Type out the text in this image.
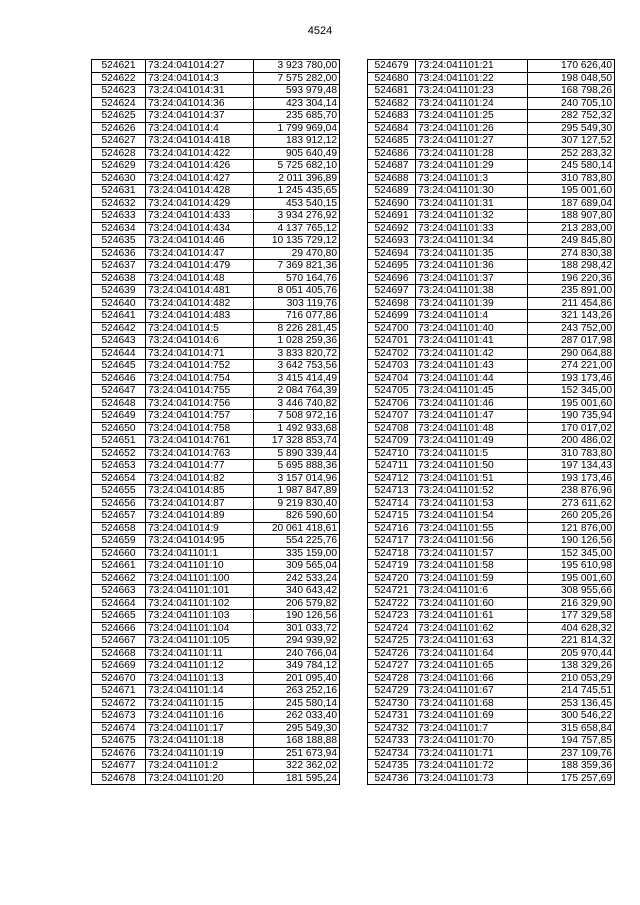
4524
524621	73:24:041014:27	3 923 780,00
524622	73:24:041014:3	7 575 282,00
524623	73:24:041014:31	593 979,48
524624	73:24:041014:36	423 304,14
524625	73:24:041014:37	235 685,70
524626	73:24:041014:4	1 799 969,04
524627	73:24:041014:418	183 912,12
524628	73:24:041014:422	905 640,49
524629	73:24:041014:426	5 725 682,10
524630	73:24:041014:427	2 011 396,89
524631	73:24:041014:428	1 245 435,65
524632	73:24:041014:429	453 540,15
524633	73:24:041014:433	3 934 276,92
524634	73:24:041014:434	4 137 765,12
524635	73:24:041014:46	10 135 729,12
524636	73:24:041014:47	29 470,80
524637	73:24:041014:479	7 369 821,36
524638	73:24:041014:48	570 164,76
524639	73:24:041014:481	8 051 405,76
524640	73:24:041014:482	303 119,76
524641	73:24:041014:483	716 077,86
524642	73:24:041014:5	8 226 281,45
524643	73:24:041014:6	1 028 259,36
524644	73:24:041014:71	3 833 820,72
524645	73:24:041014:752	3 642 753,56
524646	73:24:041014:754	3 415 414,49
524647	73:24:041014:755	2 084 764,39
524648	73:24:041014:756	3 446 740,82
524649	73:24:041014:757	7 508 972,16
524650	73:24:041014:758	1 492 933,68
524651	73:24:041014:761	17 328 853,74
524652	73:24:041014:763	5 890 339,44
524653	73:24:041014:77	5 695 888,36
524654	73:24:041014:82	3 157 014,96
524655	73:24:041014:85	1 987 847,89
524656	73:24:041014:87	9 219 830,40
524657	73:24:041014:89	826 590,60
524658	73:24:041014:9	20 061 418,61
524659	73:24:041014:95	554 225,76
524660	73:24:041101:1	335 159,00
524661	73:24:041101:10	309 565,04
524662	73:24:041101:100	242 533,24
524663	73:24:041101:101	340 643,42
524664	73:24:041101:102	206 579,82
524665	73:24:041101:103	190 126,56
524666	73:24:041101:104	301 033,72
524667	73:24:041101:105	294 939,92
524668	73:24:041101:11	240 766,04
524669	73:24:041101:12	349 784,12
524670	73:24:041101:13	201 095,40
524671	73:24:041101:14	263 252,16
524672	73:24:041101:15	245 580,14
524673	73:24:041101:16	262 033,40
524674	73:24:041101:17	295 549,30
524675	73:24:041101:18	168 188,88
524676	73:24:041101:19	251 673,94
524677	73:24:041101:2	322 362,02
524678	73:24:041101:20	181 595,24
524679	73:24:041101:21	170 626,40
524680	73:24:041101:22	198 048,50
524681	73:24:041101:23	168 798,26
524682	73:24:041101:24	240 705,10
524683	73:24:041101:25	282 752,32
524684	73:24:041101:26	295 549,30
524685	73:24:041101:27	307 127,52
524686	73:24:041101:28	252 283,32
524687	73:24:041101:29	245 580,14
524688	73:24:041101:3	310 783,80
524689	73:24:041101:30	195 001,60
524690	73:24:041101:31	187 689,04
524691	73:24:041101:32	188 907,80
524692	73:24:041101:33	213 283,00
524693	73:24:041101:34	249 845,80
524694	73:24:041101:35	274 830,38
524695	73:24:041101:36	188 298,42
524696	73:24:041101:37	196 220,36
524697	73:24:041101:38	235 891,00
524698	73:24:041101:39	211 454,86
524699	73:24:041101:4	321 143,26
524700	73:24:041101:40	243 752,00
524701	73:24:041101:41	287 017,98
524702	73:24:041101:42	290 064,88
524703	73:24:041101:43	274 221,00
524704	73:24:041101:44	193 173,46
524705	73:24:041101:45	152 345,00
524706	73:24:041101:46	195 001,60
524707	73:24:041101:47	190 735,94
524708	73:24:041101:48	170 017,02
524709	73:24:041101:49	200 486,02
524710	73:24:041101:5	310 783,80
524711	73:24:041101:50	197 134,43
524712	73:24:041101:51	193 173,46
524713	73:24:041101:52	238 876,96
524714	73:24:041101:53	273 611,62
524715	73:24:041101:54	260 205,26
524716	73:24:041101:55	121 876,00
524717	73:24:041101:56	190 126,56
524718	73:24:041101:57	152 345,00
524719	73:24:041101:58	195 610,98
524720	73:24:041101:59	195 001,60
524721	73:24:041101:6	308 955,66
524722	73:24:041101:60	216 329,90
524723	73:24:041101:61	177 329,58
524724	73:24:041101:62	404 628,32
524725	73:24:041101:63	221 814,32
524726	73:24:041101:64	205 970,44
524727	73:24:041101:65	138 329,26
524728	73:24:041101:66	210 053,29
524729	73:24:041101:67	214 745,51
524730	73:24:041101:68	253 136,45
524731	73:24:041101:69	300 546,22
524732	73:24:041101:7	315 658,84
524733	73:24:041101:70	194 757,85
524734	73:24:041101:71	237 109,76
524735	73:24:041101:72	188 359,36
524736	73:24:041101:73	175 257,69
